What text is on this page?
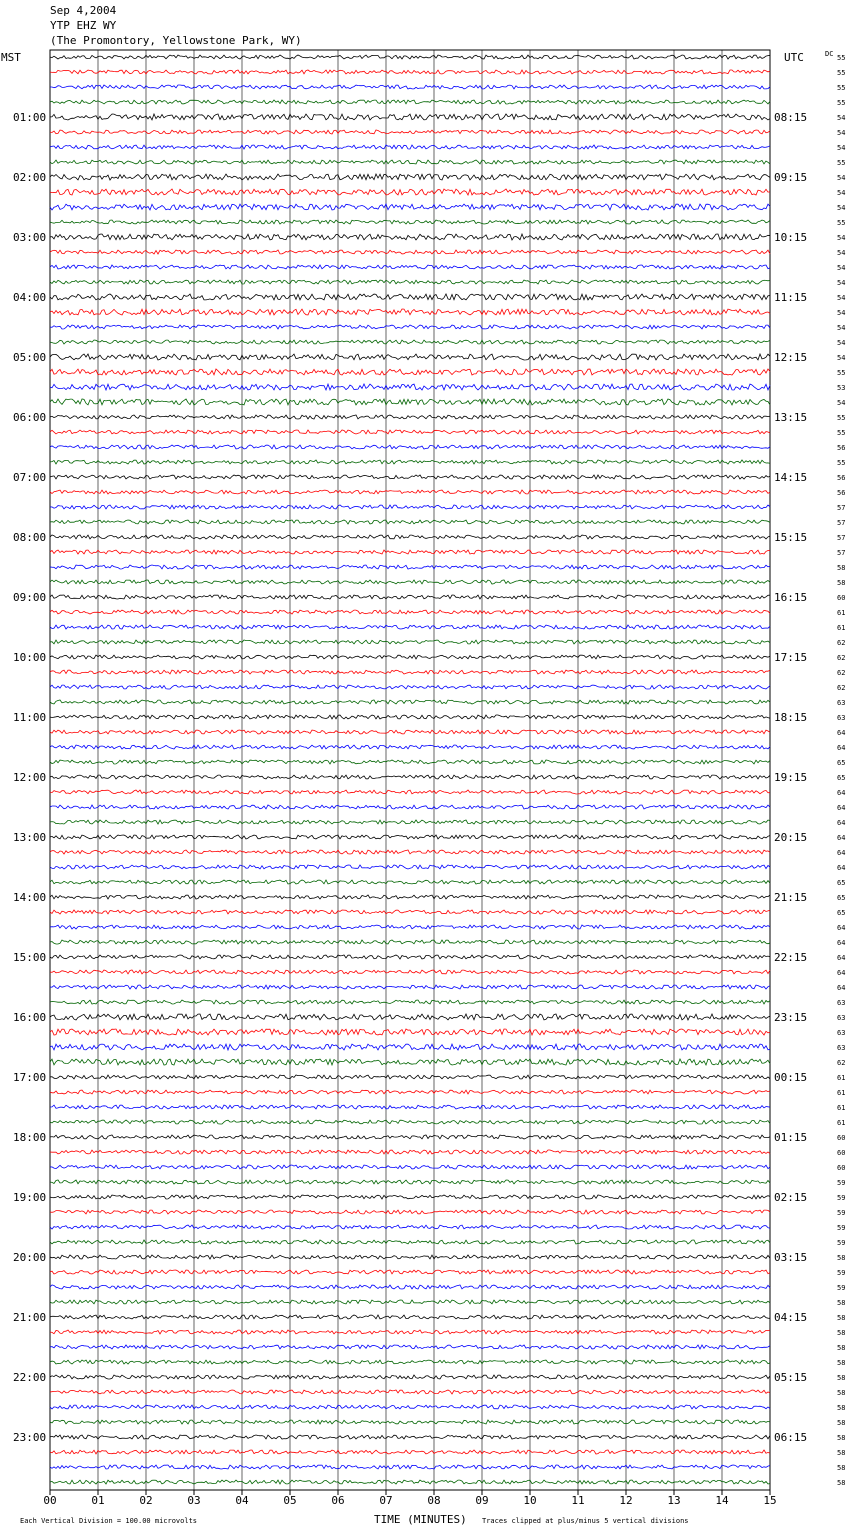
Sep 4,2004
YTP EHZ WY
(The Promontory, Yellowstone Park, WY)
55
55
55
55
54
54
54
55
54
54
54
55
54
54
54
54
54
54
54
54
54
55
53
54
55
55
56
55
56
56
57
57
57
57
58
58
60
61
61
62
62
62
62
63
63
64
64
65
65
64
64
64
64
64
64
65
65
65
64
64
64
64
64
63
63
63
63
62
61
61
61
61
60
60
60
59
59
59
59
59
58
59
59
58
58
58
58
58
58
58
58
58
58
58
58
58
01:00	08:15
02:00	09:15
03:00	10:15
04:00	11:15
05:00	12:15
06:00	13:15
07:00	14:15
08:00	15:15
09:00	16:15
10:00	17:15
11:00	18:15
12:00	19:15
13:00	20:15
14:00	21:15
15:00	22:15
16:00	23:15
17:00	00:15
18:00	01:15
19:00	02:15
20:00	03:15
21:00	04:15
22:00	05:15
23:00	06:15
MST	UTC	DC
00	01	02	03	04	05	06	07	08	09	10	11	12	13	14	15
Each Vertical Division = 100.00 microvolts	TIME (MINUTES) Traces clipped at plus/minus 5 vertical divisions
